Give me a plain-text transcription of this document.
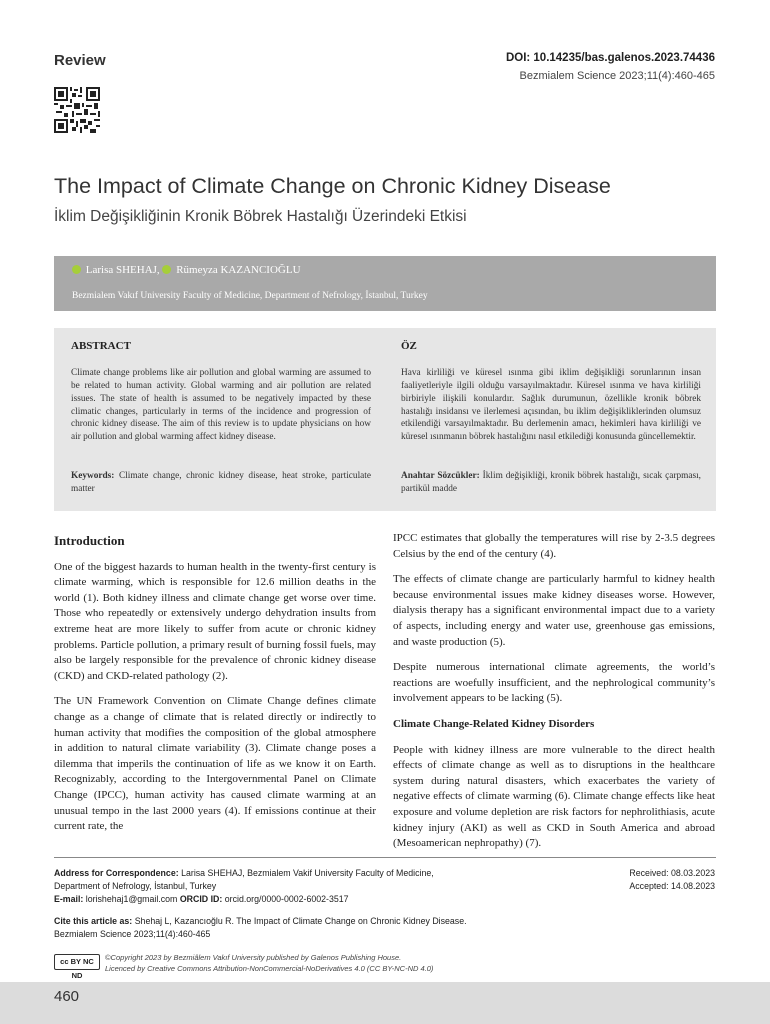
Review	DOI: 10.14235/bas.galenos.2023.74436
Bezmialem Science 2023;11(4):460-465
The Impact of Climate Change on Chronic Kidney Disease
İklim Değişikliğinin Kronik Böbrek Hastalığı Üzerindeki Etkisi
Larisa SHEHAJ, Rümeyza KAZANCIOĞLU
Bezmialem Vakıf University Faculty of Medicine, Department of Nefrology, İstanbul, Turkey
ABSTRACT
Climate change problems like air pollution and global warming are assumed to be related to human activity. Global warming and air pollution are related issues. The state of health is assumed to be negatively impacted by these climatic changes, particularly in terms of the incidence and progression of chronic kidney disease. The aim of this review is to update physicians on how air pollution and global warming affect kidney disease.
Keywords: Climate change, chronic kidney disease, heat stroke, particulate matter
ÖZ
Hava kirliliği ve küresel ısınma gibi iklim değişikliği sorunlarının insan faaliyetleriyle ilgili olduğu varsayılmaktadır. Küresel ısınma ve hava kirliliği birbiriyle ilişkili konulardır. Sağlık durumunun, özellikle kronik böbrek hastalığı insidansı ve ilerlemesi açısından, bu iklim değişikliklerinden olumsuz etkilendiği varsayılmaktadır. Bu derlemenin amacı, hekimleri hava kirliliği ve küresel ısınmanın böbrek hastalığını nasıl etkilediği konusunda güncellemektir.
Anahtar Sözcükler: İklim değişikliği, kronik böbrek hastalığı, sıcak çarpması, partikül madde
Introduction

One of the biggest hazards to human health in the twenty-first century is climate warming, which is responsible for 12.6 million deaths in the world (1). Both kidney illness and climate change get worse over time. Those who repeatedly or extensively undergo dehydration insults from extreme heat are more likely to suffer from acute or chronic kidney problems. Particle pollution, a primary result of burning fossil fuels, may also be largely responsible for the prevalence of chronic kidney disease (CKD) and CKD-related pathology (2).

The UN Framework Convention on Climate Change defines climate change as a change of climate that is related directly or indirectly to human activity that modifies the composition of the global atmosphere in addition to natural climate variability (3). Climate change poses a dilemma that imperils the continuation of life as we know it on Earth. Recognizably, according to the Intergovernmental Panel on Climate Change (IPCC), human activity has caused climate warming at an unusual tempo in the last 2000 years (4). If emissions continue at their current rate, the

IPCC estimates that globally the temperatures will rise by 2-3.5 degrees Celsius by the end of the century (4).

The effects of climate change are particularly harmful to kidney health because environmental issues make kidney diseases worse. However, dialysis therapy has a significant environmental impact due to a variety of aspects, including energy and water use, greenhouse gas emissions, and waste production (5).

Despite numerous international climate agreements, the world’s reactions are woefully insufficient, and the nephrological community’s involvement appears to be lacking (5).

Climate Change-Related Kidney Disorders

People with kidney illness are more vulnerable to the direct health effects of climate change as well as to disruptions in the healthcare system during natural disasters, which exacerbates the variety of negative effects of climate warming (6). Climate change effects like heat exposure and volume depletion are risk factors for nephrolithiasis, acute kidney injury (AKI) as well as CKD in South America and abroad (Mesoamerican nephropathy) (7).

Address for Correspondence: Larisa SHEHAJ, Bezmialem Vakif University Faculty of Medicine,
Department of Nefrology, İstanbul, Turkey
E-mail: lorishehaj1@gmail.com ORCID ID: orcid.org/0000-0002-6002-3517
Received: 08.03.2023
Accepted: 14.08.2023
Cite this article as: Shehaj L, Kazancıoğlu R. The Impact of Climate Change on Chronic Kidney Disease.
Bezmialem Science 2023;11(4):460-465
cc BY NC ND
©Copyright 2023 by Bezmiâlem Vakıf University published by Galenos Publishing House.
Licenced by Creative Commons Attribution-NonCommercial-NoDerivatives 4.0 (CC BY-NC-ND 4.0)
460
